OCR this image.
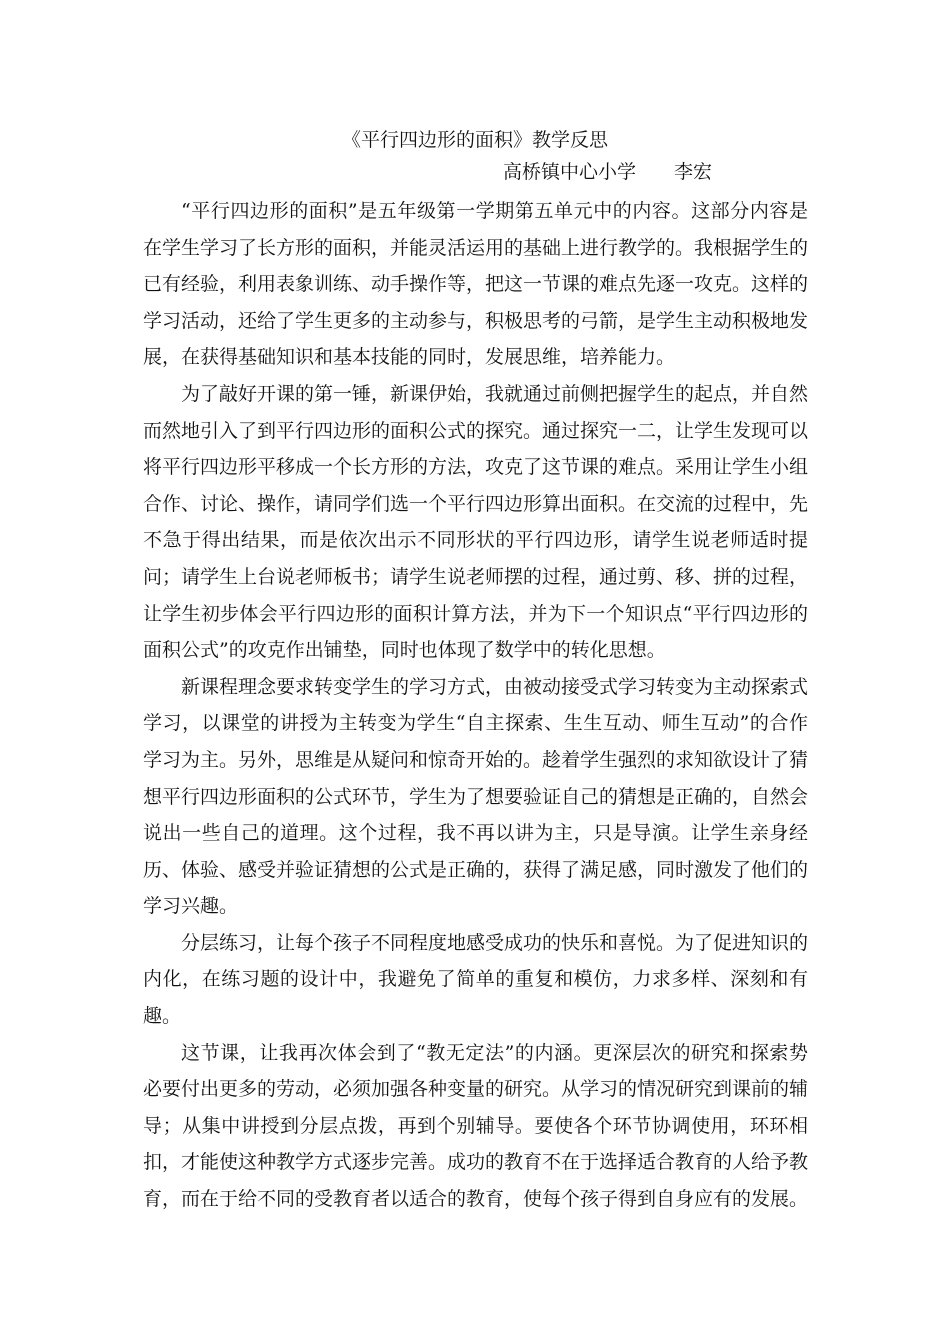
《平行四边形的面积》教学反思
高桥镇中心小学 李宏

“平行四边形的面积”是五年级第一学期第五单元中的内容。这部分内容是在学生学习了长方形的面积，并能灵活运用的基础上进行教学的。我根据学生的已有经验，利用表象训练、动手操作等，把这一节课的难点先逐一攻克。这样的学习活动，还给了学生更多的主动参与，积极思考的弓箭，是学生主动积极地发展，在获得基础知识和基本技能的同时，发展思维，培养能力。

为了敲好开课的第一锤，新课伊始，我就通过前侧把握学生的起点，并自然而然地引入了到平行四边形的面积公式的探究。通过探究一二，让学生发现可以将平行四边形平移成一个长方形的方法，攻克了这节课的难点。采用让学生小组合作、讨论、操作，请同学们选一个平行四边形算出面积。在交流的过程中，先不急于得出结果，而是依次出示不同形状的平行四边形，请学生说老师适时提问；请学生上台说老师板书；请学生说老师摆的过程，通过剪、移、拼的过程，让学生初步体会平行四边形的面积计算方法，并为下一个知识点“平行四边形的面积公式”的攻克作出铺垫，同时也体现了数学中的转化思想。

新课程理念要求转变学生的学习方式，由被动接受式学习转变为主动探索式学习，以课堂的讲授为主转变为学生“自主探索、生生互动、师生互动”的合作学习为主。另外，思维是从疑问和惊奇开始的。趁着学生强烈的求知欲设计了猜想平行四边形面积的公式环节，学生为了想要验证自己的猜想是正确的，自然会说出一些自己的道理。这个过程，我不再以讲为主，只是导演。让学生亲身经历、体验、感受并验证猜想的公式是正确的，获得了满足感，同时激发了他们的学习兴趣。

分层练习，让每个孩子不同程度地感受成功的快乐和喜悦。为了促进知识的内化，在练习题的设计中，我避免了简单的重复和模仿，力求多样、深刻和有趣。

这节课，让我再次体会到了“教无定法”的内涵。更深层次的研究和探索势必要付出更多的劳动，必须加强各种变量的研究。从学习的情况研究到课前的辅导；从集中讲授到分层点拨，再到个别辅导。要使各个环节协调使用，环环相扣，才能使这种教学方式逐步完善。成功的教育不在于选择适合教育的人给予教育，而在于给不同的受教育者以适合的教育，使每个孩子得到自身应有的发展。
